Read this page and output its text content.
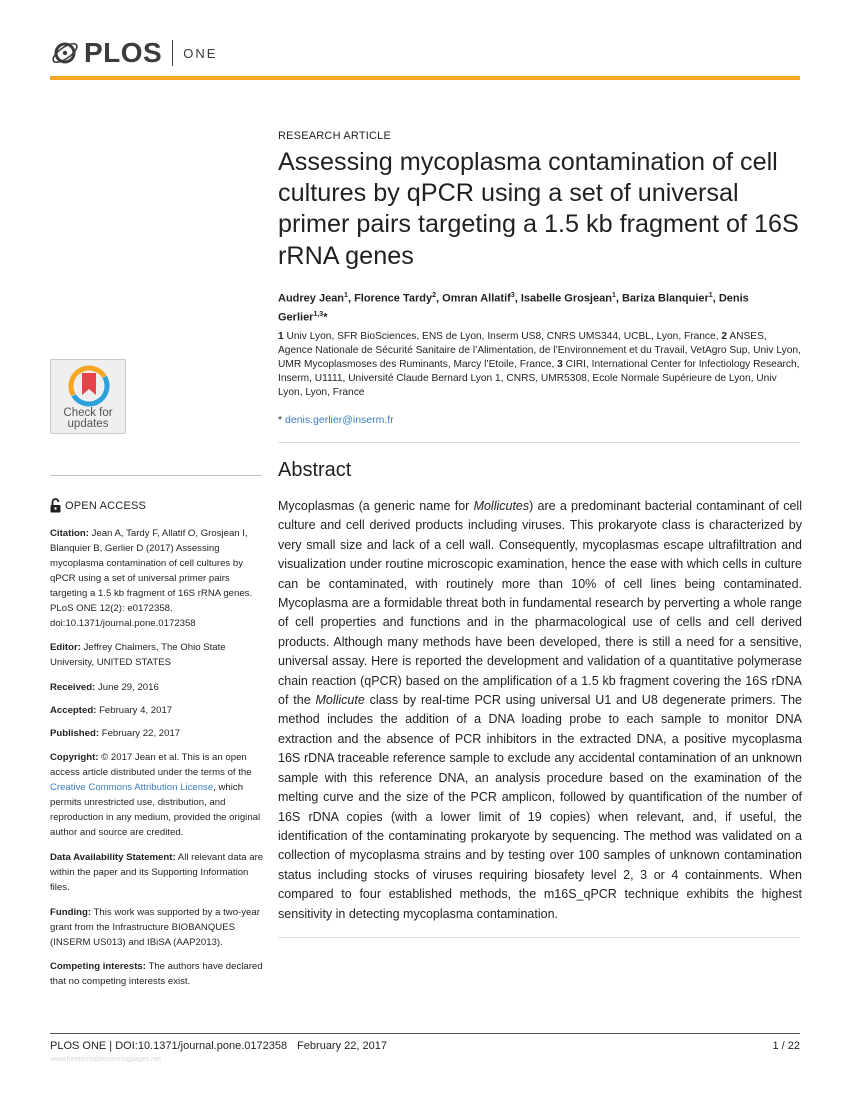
PLOS ONE
Check for
updates
OPEN ACCESS
Citation: Jean A, Tardy F, Allatif O, Grosjean I, Blanquier B, Gerlier D (2017) Assessing mycoplasma contamination of cell cultures by qPCR using a set of universal primer pairs targeting a 1.5 kb fragment of 16S rRNA genes. PLoS ONE 12(2): e0172358. doi:10.1371/journal.pone.0172358
Editor: Jeffrey Chalmers, The Ohio State University, UNITED STATES
Received: June 29, 2016
Accepted: February 4, 2017
Published: February 22, 2017
Copyright: © 2017 Jean et al. This is an open access article distributed under the terms of the Creative Commons Attribution License, which permits unrestricted use, distribution, and reproduction in any medium, provided the original author and source are credited.
Data Availability Statement: All relevant data are within the paper and its Supporting Information files.
Funding: This work was supported by a two-year grant from the Infrastructure BIOBANQUES (INSERM US013) and IBiSA (AAP2013).
Competing interests: The authors have declared that no competing interests exist.
RESEARCH ARTICLE
Assessing mycoplasma contamination of cell cultures by qPCR using a set of universal primer pairs targeting a 1.5 kb fragment of 16S rRNA genes
Audrey Jean$^1$, Florence Tardy$^2$, Omran Allatif$^3$, Isabelle Grosjean$^1$, Bariza Blanquier$^1$, Denis Gerlier$^{1,3}$*
1 Univ Lyon, SFR BioSciences, ENS de Lyon, Inserm US8, CNRS UMS344, UCBL, Lyon, France, 2 ANSES, Agence Nationale de Sécurité Sanitaire de l’Alimentation, de l’Environnement et du Travail, VetAgro Sup, Univ Lyon, UMR Mycoplasmoses des Ruminants, Marcy l’Etoile, France, 3 CIRI, International Center for Infectiology Research, Inserm, U1111, Université Claude Bernard Lyon 1, CNRS, UMR5308, Ecole Normale Supérieure de Lyon, Univ Lyon, Lyon, France
* denis.gerlier@inserm.fr
Abstract

Mycoplasmas (a generic name for Mollicutes) are a predominant bacterial contaminant of cell culture and cell derived products including viruses. This prokaryote class is characterized by very small size and lack of a cell wall. Consequently, mycoplasmas escape ultrafiltration and visualization under routine microscopic examination, hence the ease with which cells in culture can be contaminated, with routinely more than 10% of cell lines being contaminated. Mycoplasma are a formidable threat both in fundamental research by perverting a whole range of cell properties and functions and in the pharmacological use of cells and cell derived products. Although many methods have been developed, there is still a need for a sensitive, universal assay. Here is reported the development and validation of a quantitative polymerase chain reaction (qPCR) based on the amplification of a 1.5 kb fragment covering the 16S rDNA of the Mollicute class by real-time PCR using universal U1 and U8 degenerate primers. The method includes the addition of a DNA loading probe to each sample to monitor DNA extraction and the absence of PCR inhibitors in the extracted DNA, a positive mycoplasma 16S rDNA traceable reference sample to exclude any accidental contamination of an unknown sample with this reference DNA, an analysis procedure based on the examination of the melting curve and the size of the PCR amplicon, followed by quantification of the number of 16S rDNA copies (with a lower limit of 19 copies) when relevant, and, if useful, the identification of the contaminating prokaryote by sequencing. The method was validated on a collection of mycoplasma strains and by testing over 100 samples of unknown contamination status including stocks of viruses requiring biosafety level 2, 3 or 4 containments. When compared to four established methods, the m16S_qPCR technique exhibits the highest sensitivity in detecting mycoplasma contamination.

PLOS ONE | DOI:10.1371/journal.pone.0172358 February 22, 2017	1 / 22
www.freeprintablecoloringpages.net
